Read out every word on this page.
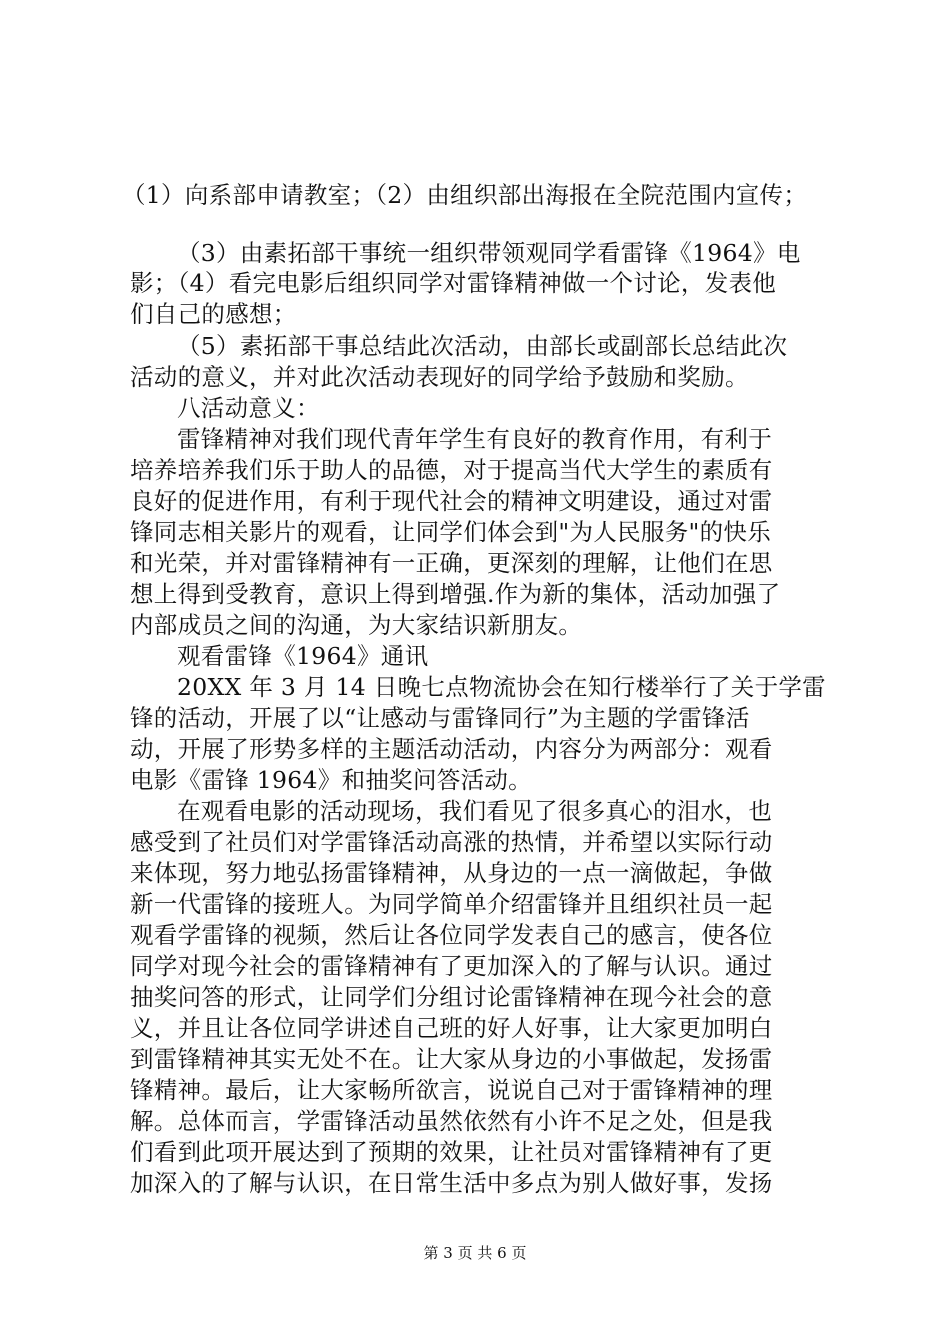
（1）向系部申请教室；（2）由组织部出海报在全院范围内宣传；
（3）由素拓部干事统一组织带领观同学看雷锋《1964》电
影；（4）看完电影后组织同学对雷锋精神做一个讨论，发表他
们自己的感想；
（5）素拓部干事总结此次活动，由部长或副部长总结此次
活动的意义，并对此次活动表现好的同学给予鼓励和奖励。
八活动意义：
雷锋精神对我们现代青年学生有良好的教育作用，有利于
培养培养我们乐于助人的品德，对于提高当代大学生的素质有
良好的促进作用，有利于现代社会的精神文明建设，通过对雷
锋同志相关影片的观看，让同学们体会到"为人民服务"的快乐
和光荣，并对雷锋精神有一正确，更深刻的理解，让他们在思
想上得到受教育，意识上得到增强.作为新的集体，活动加强了
内部成员之间的沟通，为大家结识新朋友。
观看雷锋《1964》通讯
20XX 年 3 月 14 日晚七点物流协会在知行楼举行了关于学雷
锋的活动，开展了以“让感动与雷锋同行”为主题的学雷锋活
动，开展了形势多样的主题活动活动，内容分为两部分：观看
电影《雷锋 1964》和抽奖问答活动。
在观看电影的活动现场，我们看见了很多真心的泪水，也
感受到了社员们对学雷锋活动高涨的热情，并希望以实际行动
来体现，努力地弘扬雷锋精神，从身边的一点一滴做起，争做
新一代雷锋的接班人。为同学简单介绍雷锋并且组织社员一起
观看学雷锋的视频，然后让各位同学发表自己的感言，使各位
同学对现今社会的雷锋精神有了更加深入的了解与认识。通过
抽奖问答的形式，让同学们分组讨论雷锋精神在现今社会的意
义，并且让各位同学讲述自己班的好人好事，让大家更加明白
到雷锋精神其实无处不在。让大家从身边的小事做起，发扬雷
锋精神。最后，让大家畅所欲言，说说自己对于雷锋精神的理
解。总体而言，学雷锋活动虽然依然有小许不足之处，但是我
们看到此项开展达到了预期的效果，让社员对雷锋精神有了更
加深入的了解与认识，在日常生活中多点为别人做好事，发扬
第 3 页 共 6 页
